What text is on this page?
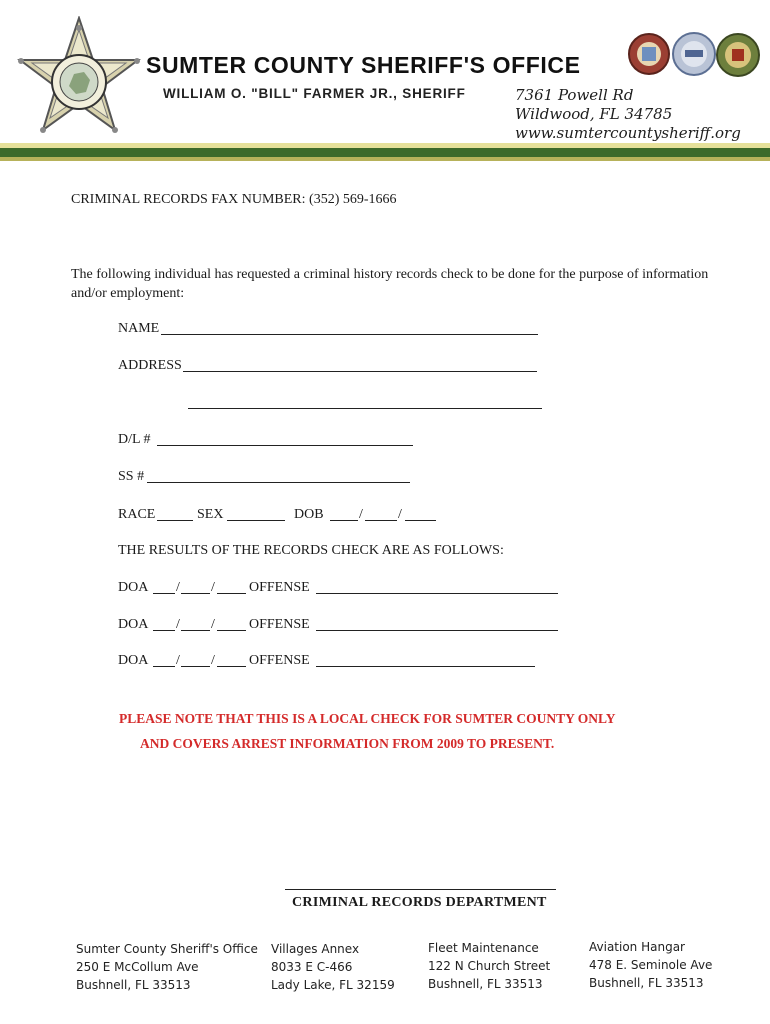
SUMTER COUNTY SHERIFF'S OFFICE
WILLIAM O. "BILL" FARMER JR., SHERIFF	7361 Powell Rd
Wildwood, FL 34785
www.sumtercountysheriff.org
CRIMINAL RECORDS FAX NUMBER: (352) 569-1666
The following individual has requested a criminal history records check to be done for the purpose of information and/or employment:
NAME
ADDRESS
D/L #
SS #
RACE	SEX	DOB	/	/
THE RESULTS OF THE RECORDS CHECK ARE AS FOLLOWS:
DOA / / OFFENSE
DOA / / OFFENSE
DOA / / OFFENSE
PLEASE NOTE THAT THIS IS A LOCAL CHECK FOR SUMTER COUNTY ONLY
AND COVERS ARREST INFORMATION FROM 2009 TO PRESENT.
CRIMINAL RECORDS DEPARTMENT
Sumter County Sheriff's Office
250 E McCollum Ave
Bushnell, FL 33513
Villages Annex
8033 E C-466
Lady Lake, FL 32159
Fleet Maintenance
122 N Church Street
Bushnell, FL 33513
Aviation Hangar
478 E. Seminole Ave
Bushnell, FL 33513
